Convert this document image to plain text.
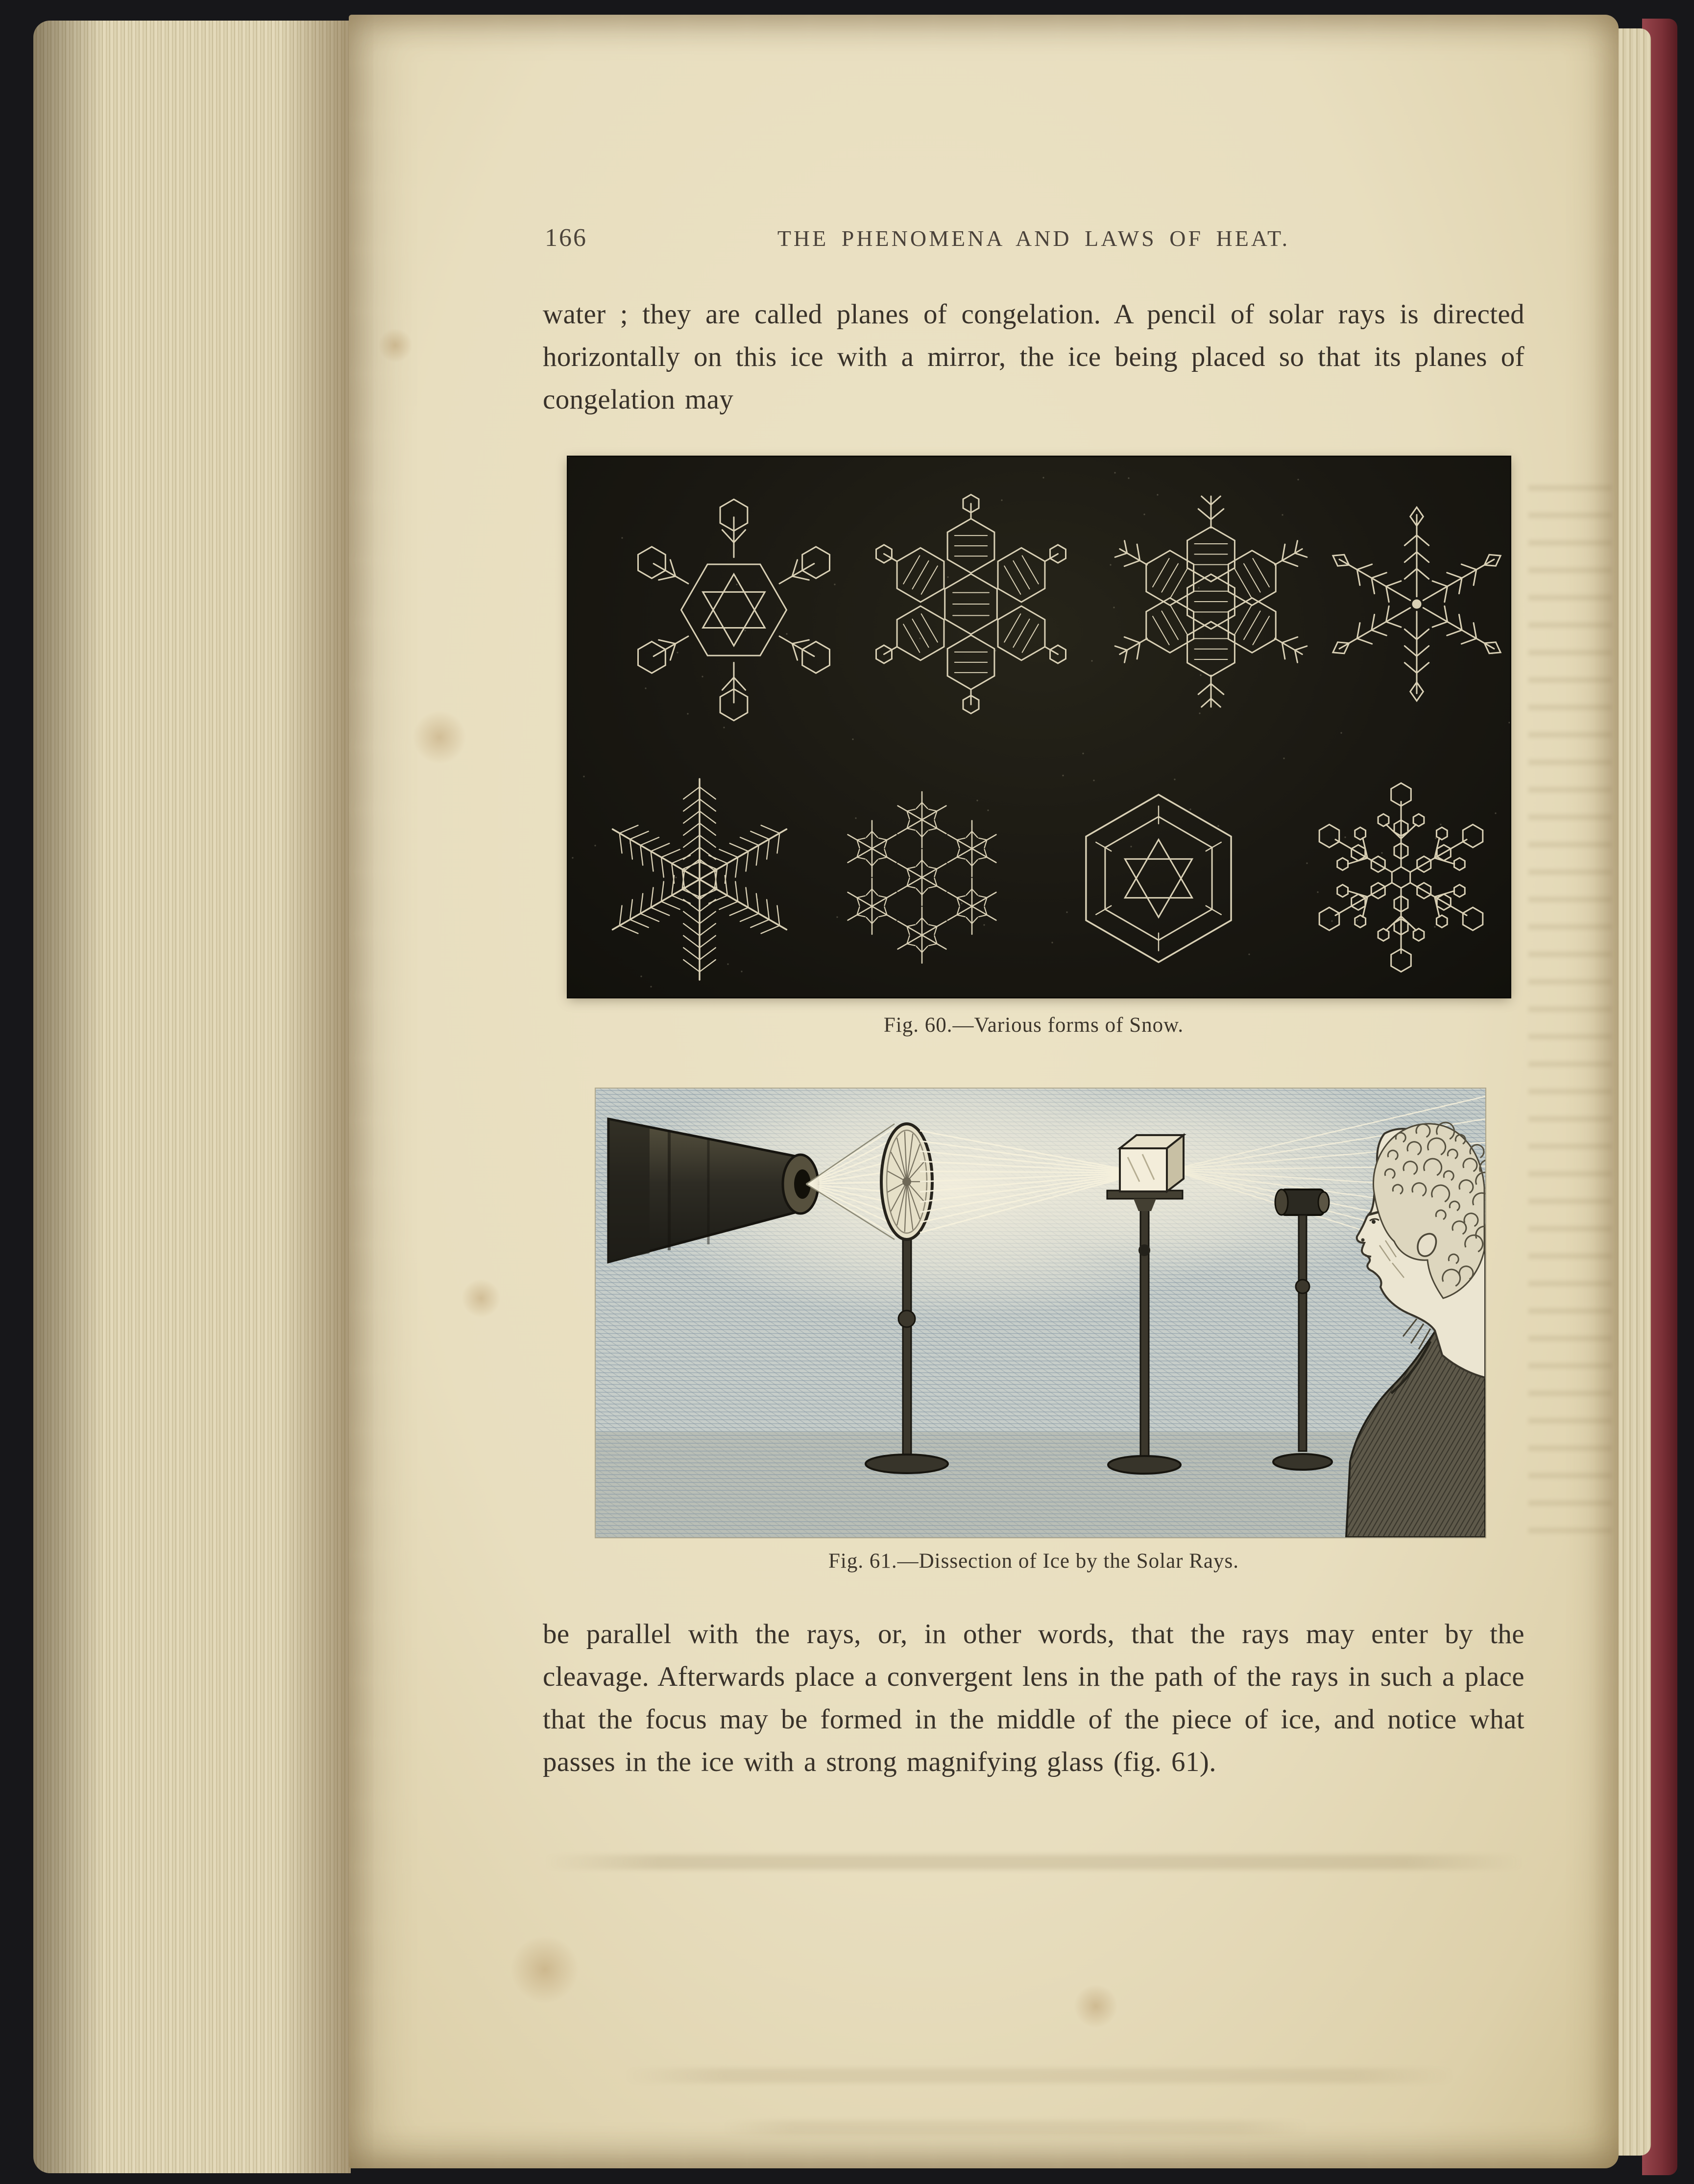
166	THE PHENOMENA AND LAWS OF HEAT.

water ; they are called planes of congelation. A pencil of solar rays is directed horizontally on this ice with a mirror, the ice being placed so that its planes of congelation may

Fig. 60.—Various forms of Snow.
Fig. 61.—Dissection of Ice by the Solar Rays.

be parallel with the rays, or, in other words, that the rays may enter by the cleavage. Afterwards place a convergent lens in the path of the rays in such a place that the focus may be formed in the middle of the piece of ice, and notice what passes in the ice with a strong magnifying glass (fig. 61).
